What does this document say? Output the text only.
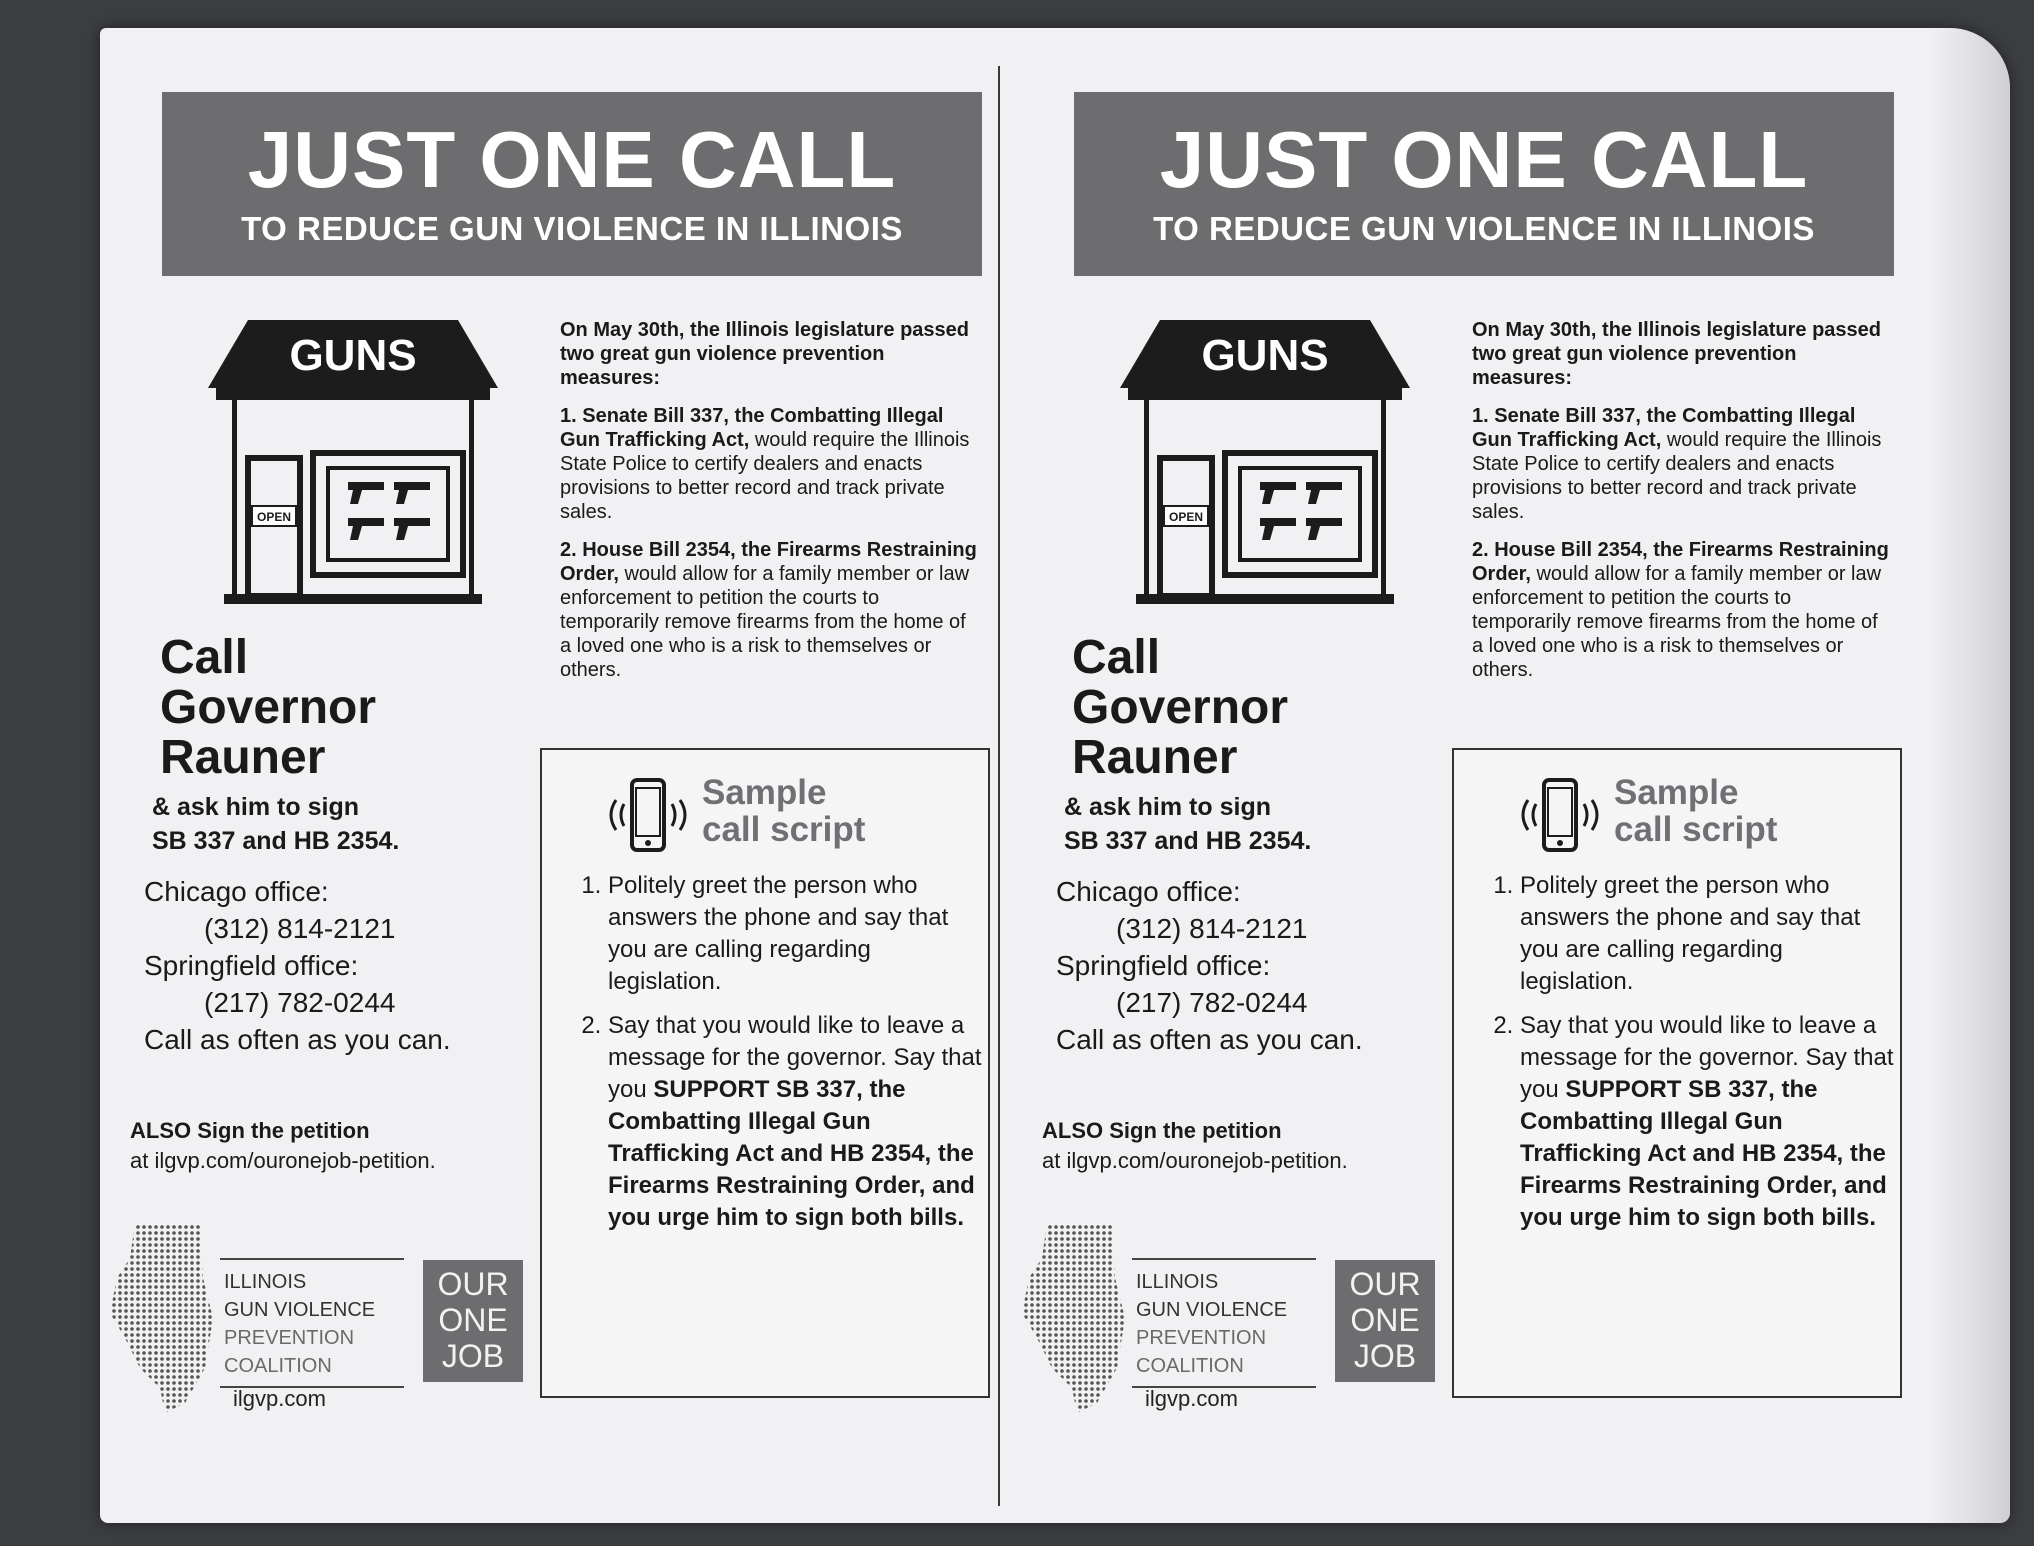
JUST ONE CALL
TO REDUCE GUN VIOLENCE IN ILLINOIS
GUNS
OPEN

On May 30th, the Illinois legislature passed two great gun violence prevention measures:

1. Senate Bill 337, the Combatting Illegal Gun Trafficking Act, would require the Illinois State Police to certify dealers and enacts provisions to better record and track private sales.

2. House Bill 2354, the Firearms Restraining Order, would allow for a family member or law enforcement to petition the courts to temporarily remove firearms from the home of a loved one who is a risk to themselves or others.

Call
Governor
Rauner
& ask him to sign
SB 337 and HB 2354.
Chicago office:
(312) 814-2121
Springfield office:
(217) 782-0244
Call as often as you can.
ALSO Sign the petition
at ilgvp.com/ouronejob-petition.
ILLINOIS
GUN VIOLENCE
PREVENTION
COALITION
ilgvp.com
OUR
ONE
JOB
Sample
call script
1. Politely greet the person who answers the phone and say that you are calling regarding legislation.
2. Say that you would like to leave a message for the governor. Say that you SUPPORT SB 337, the Combatting Illegal Gun Trafficking Act and HB 2354, the Firearms Restraining Order, and you urge him to sign both bills.
JUST ONE CALL
TO REDUCE GUN VIOLENCE IN ILLINOIS
GUNS
OPEN

On May 30th, the Illinois legislature passed two great gun violence prevention measures:

1. Senate Bill 337, the Combatting Illegal Gun Trafficking Act, would require the Illinois State Police to certify dealers and enacts provisions to better record and track private sales.

2. House Bill 2354, the Firearms Restraining Order, would allow for a family member or law enforcement to petition the courts to temporarily remove firearms from the home of a loved one who is a risk to themselves or others.

Call
Governor
Rauner
& ask him to sign
SB 337 and HB 2354.
Chicago office:
(312) 814-2121
Springfield office:
(217) 782-0244
Call as often as you can.
ALSO Sign the petition
at ilgvp.com/ouronejob-petition.
ILLINOIS
GUN VIOLENCE
PREVENTION
COALITION
ilgvp.com
OUR
ONE
JOB
Sample
call script
1. Politely greet the person who answers the phone and say that you are calling regarding legislation.
2. Say that you would like to leave a message for the governor. Say that you SUPPORT SB 337, the Combatting Illegal Gun Trafficking Act and HB 2354, the Firearms Restraining Order, and you urge him to sign both bills.
